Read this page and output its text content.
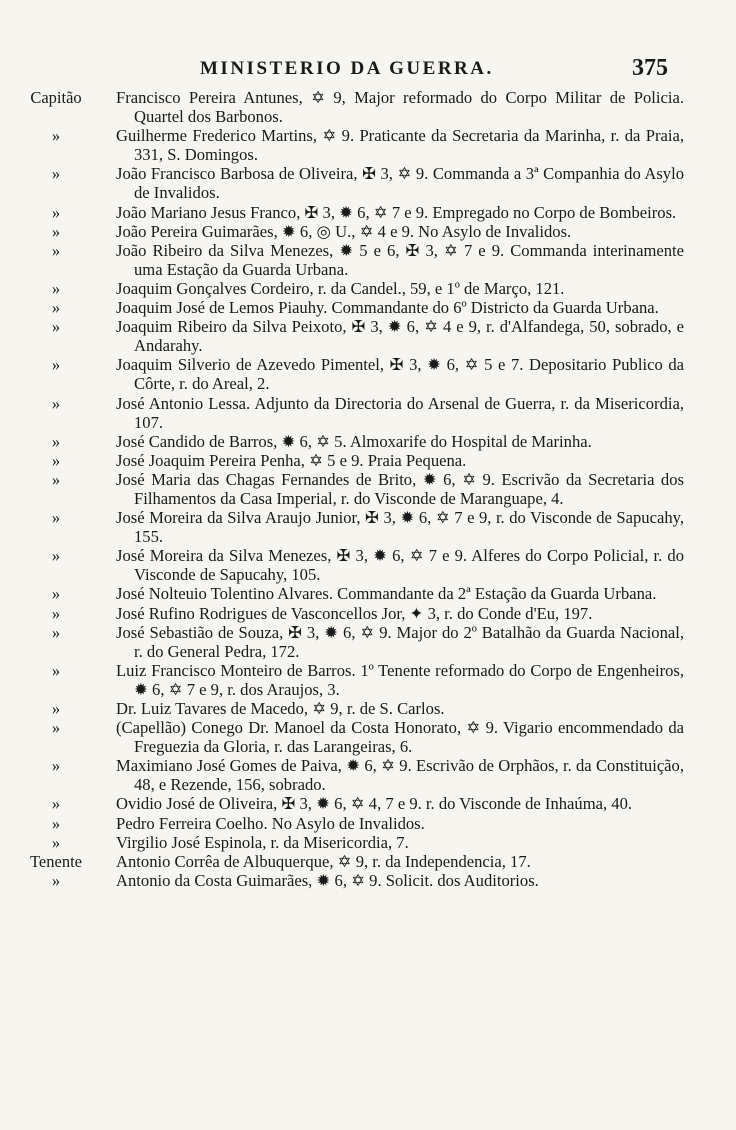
MINISTERIO DA GUERRA.	375
Capitão	Francisco Pereira Antunes, ✡ 9, Major reformado do Corpo Militar de Policia. Quartel dos Barbonos.
»	Guilherme Frederico Martins, ✡ 9. Praticante da Secretaria da Marinha, r. da Praia, 331, S. Domingos.
»	João Francisco Barbosa de Oliveira, ✠ 3, ✡ 9. Commanda a 3ª Companhia do Asylo de Invalidos.
»	João Mariano Jesus Franco, ✠ 3, ✹ 6, ✡ 7 e 9. Empregado no Corpo de Bombeiros.
»	João Pereira Guimarães, ✹ 6, ◎ U., ✡ 4 e 9. No Asylo de Invalidos.
»	João Ribeiro da Silva Menezes, ✹ 5 e 6, ✠ 3, ✡ 7 e 9. Commanda interinamente uma Estação da Guarda Urbana.
»	Joaquim Gonçalves Cordeiro, r. da Candel., 59, e 1º de Março, 121.
»	Joaquim José de Lemos Piauhy. Commandante do 6º Districto da Guarda Urbana.
»	Joaquim Ribeiro da Silva Peixoto, ✠ 3, ✹ 6, ✡ 4 e 9, r. d'Alfandega, 50, sobrado, e Andarahy.
»	Joaquim Silverio de Azevedo Pimentel, ✠ 3, ✹ 6, ✡ 5 e 7. Depositario Publico da Côrte, r. do Areal, 2.
»	José Antonio Lessa. Adjunto da Directoria do Arsenal de Guerra, r. da Misericordia, 107.
»	José Candido de Barros, ✹ 6, ✡ 5. Almoxarife do Hospital de Marinha.
»	José Joaquim Pereira Penha, ✡ 5 e 9. Praia Pequena.
»	José Maria das Chagas Fernandes de Brito, ✹ 6, ✡ 9. Escrivão da Secretaria dos Filhamentos da Casa Imperial, r. do Visconde de Maranguape, 4.
»	José Moreira da Silva Araujo Junior, ✠ 3, ✹ 6, ✡ 7 e 9, r. do Visconde de Sapucahy, 155.
»	José Moreira da Silva Menezes, ✠ 3, ✹ 6, ✡ 7 e 9. Alferes do Corpo Policial, r. do Visconde de Sapucahy, 105.
»	José Nolteuio Tolentino Alvares. Commandante da 2ª Estação da Guarda Urbana.
»	José Rufino Rodrigues de Vasconcellos Jor, ✦ 3, r. do Conde d'Eu, 197.
»	José Sebastião de Souza, ✠ 3, ✹ 6, ✡ 9. Major do 2º Batalhão da Guarda Nacional, r. do General Pedra, 172.
»	Luiz Francisco Monteiro de Barros. 1º Tenente reformado do Corpo de Engenheiros, ✹ 6, ✡ 7 e 9, r. dos Araujos, 3.
»	Dr. Luiz Tavares de Macedo, ✡ 9, r. de S. Carlos.
»	(Capellão) Conego Dr. Manoel da Costa Honorato, ✡ 9. Vigario encommendado da Freguezia da Gloria, r. das Larangeiras, 6.
»	Maximiano José Gomes de Paiva, ✹ 6, ✡ 9. Escrivão de Orphãos, r. da Constituição, 48, e Rezende, 156, sobrado.
»	Ovidio José de Oliveira, ✠ 3, ✹ 6, ✡ 4, 7 e 9. r. do Visconde de Inhaúma, 40.
»	Pedro Ferreira Coelho. No Asylo de Invalidos.
»	Virgilio José Espinola, r. da Misericordia, 7.
Tenente	Antonio Corrêa de Albuquerque, ✡ 9, r. da Independencia, 17.
»	Antonio da Costa Guimarães, ✹ 6, ✡ 9. Solicit. dos Auditorios.
